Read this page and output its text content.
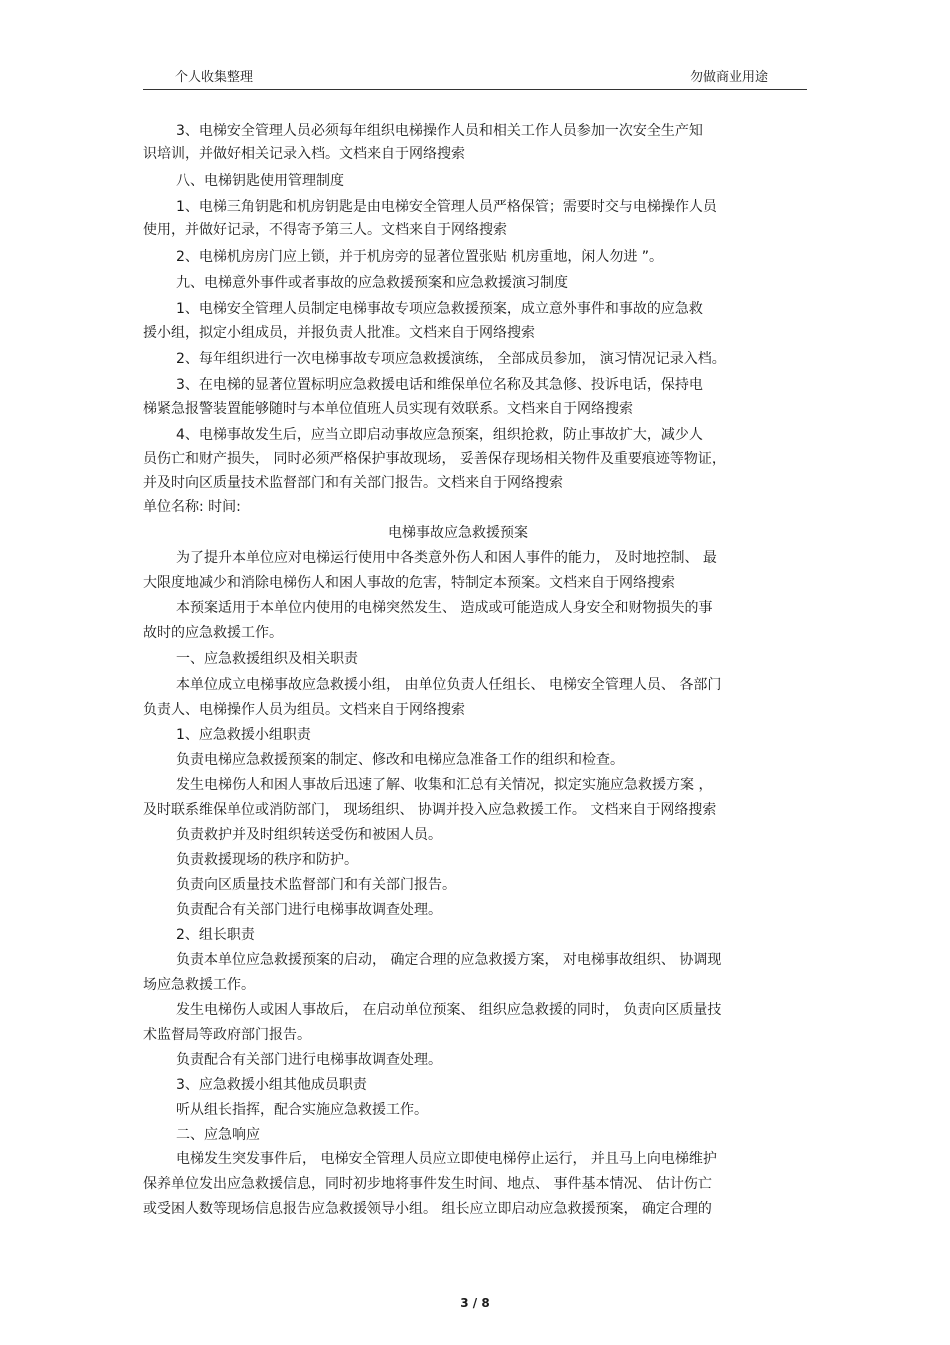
个人收集整理	勿做商业用途
3、电梯安全管理人员必须每年组织电梯操作人员和相关工作人员参加一次安全生产知
识培训，并做好相关记录入档。文档来自于网络搜索
八、电梯钥匙使用管理制度
1、电梯三角钥匙和机房钥匙是由电梯安全管理人员严格保管；需要时交与电梯操作人员
使用，并做好记录，不得寄予第三人。文档来自于网络搜索
2、电梯机房房门应上锁，并于机房旁的显著位置张贴 机房重地，闲人勿进 ”。
九、电梯意外事件或者事故的应急救援预案和应急救援演习制度
1、电梯安全管理人员制定电梯事故专项应急救援预案，成立意外事件和事故的应急救
援小组，拟定小组成员，并报负责人批准。文档来自于网络搜索
2、每年组织进行一次电梯事故专项应急救援演练， 全部成员参加， 演习情况记录入档。
3、在电梯的显著位置标明应急救援电话和维保单位名称及其急修、投诉电话，保持电
梯紧急报警装置能够随时与本单位值班人员实现有效联系。文档来自于网络搜索
4、电梯事故发生后，应当立即启动事故应急预案，组织抢救，防止事故扩大，减少人
员伤亡和财产损失， 同时必须严格保护事故现场， 妥善保存现场相关物件及重要痕迹等物证，
并及时向区质量技术监督部门和有关部门报告。文档来自于网络搜索
单位名称: 时间:
电梯事故应急救援预案
为了提升本单位应对电梯运行使用中各类意外伤人和困人事件的能力， 及时地控制、 最
大限度地减少和消除电梯伤人和困人事故的危害，特制定本预案。文档来自于网络搜索
本预案适用于本单位内使用的电梯突然发生、 造成或可能造成人身安全和财物损失的事
故时的应急救援工作。
一、应急救援组织及相关职责
本单位成立电梯事故应急救援小组， 由单位负责人任组长、 电梯安全管理人员、 各部门
负责人、电梯操作人员为组员。文档来自于网络搜索
1、应急救援小组职责
负责电梯应急救援预案的制定、修改和电梯应急准备工作的组织和检查。
发生电梯伤人和困人事故后迅速了解、收集和汇总有关情况，拟定实施应急救援方案 ，
及时联系维保单位或消防部门， 现场组织、 协调并投入应急救援工作。 文档来自于网络搜索
负责救护并及时组织转送受伤和被困人员。
负责救援现场的秩序和防护。
负责向区质量技术监督部门和有关部门报告。
负责配合有关部门进行电梯事故调查处理。
2、组长职责
负责本单位应急救援预案的启动， 确定合理的应急救援方案， 对电梯事故组织、 协调现
场应急救援工作。
发生电梯伤人或困人事故后， 在启动单位预案、 组织应急救援的同时， 负责向区质量技
术监督局等政府部门报告。
负责配合有关部门进行电梯事故调查处理。
3、应急救援小组其他成员职责
听从组长指挥，配合实施应急救援工作。
二、应急响应
电梯发生突发事件后， 电梯安全管理人员应立即使电梯停止运行， 并且马上向电梯维护
保养单位发出应急救援信息，同时初步地将事件发生时间、地点、 事件基本情况、 估计伤亡
或受困人数等现场信息报告应急救援领导小组。 组长应立即启动应急救援预案， 确定合理的
3 / 8
